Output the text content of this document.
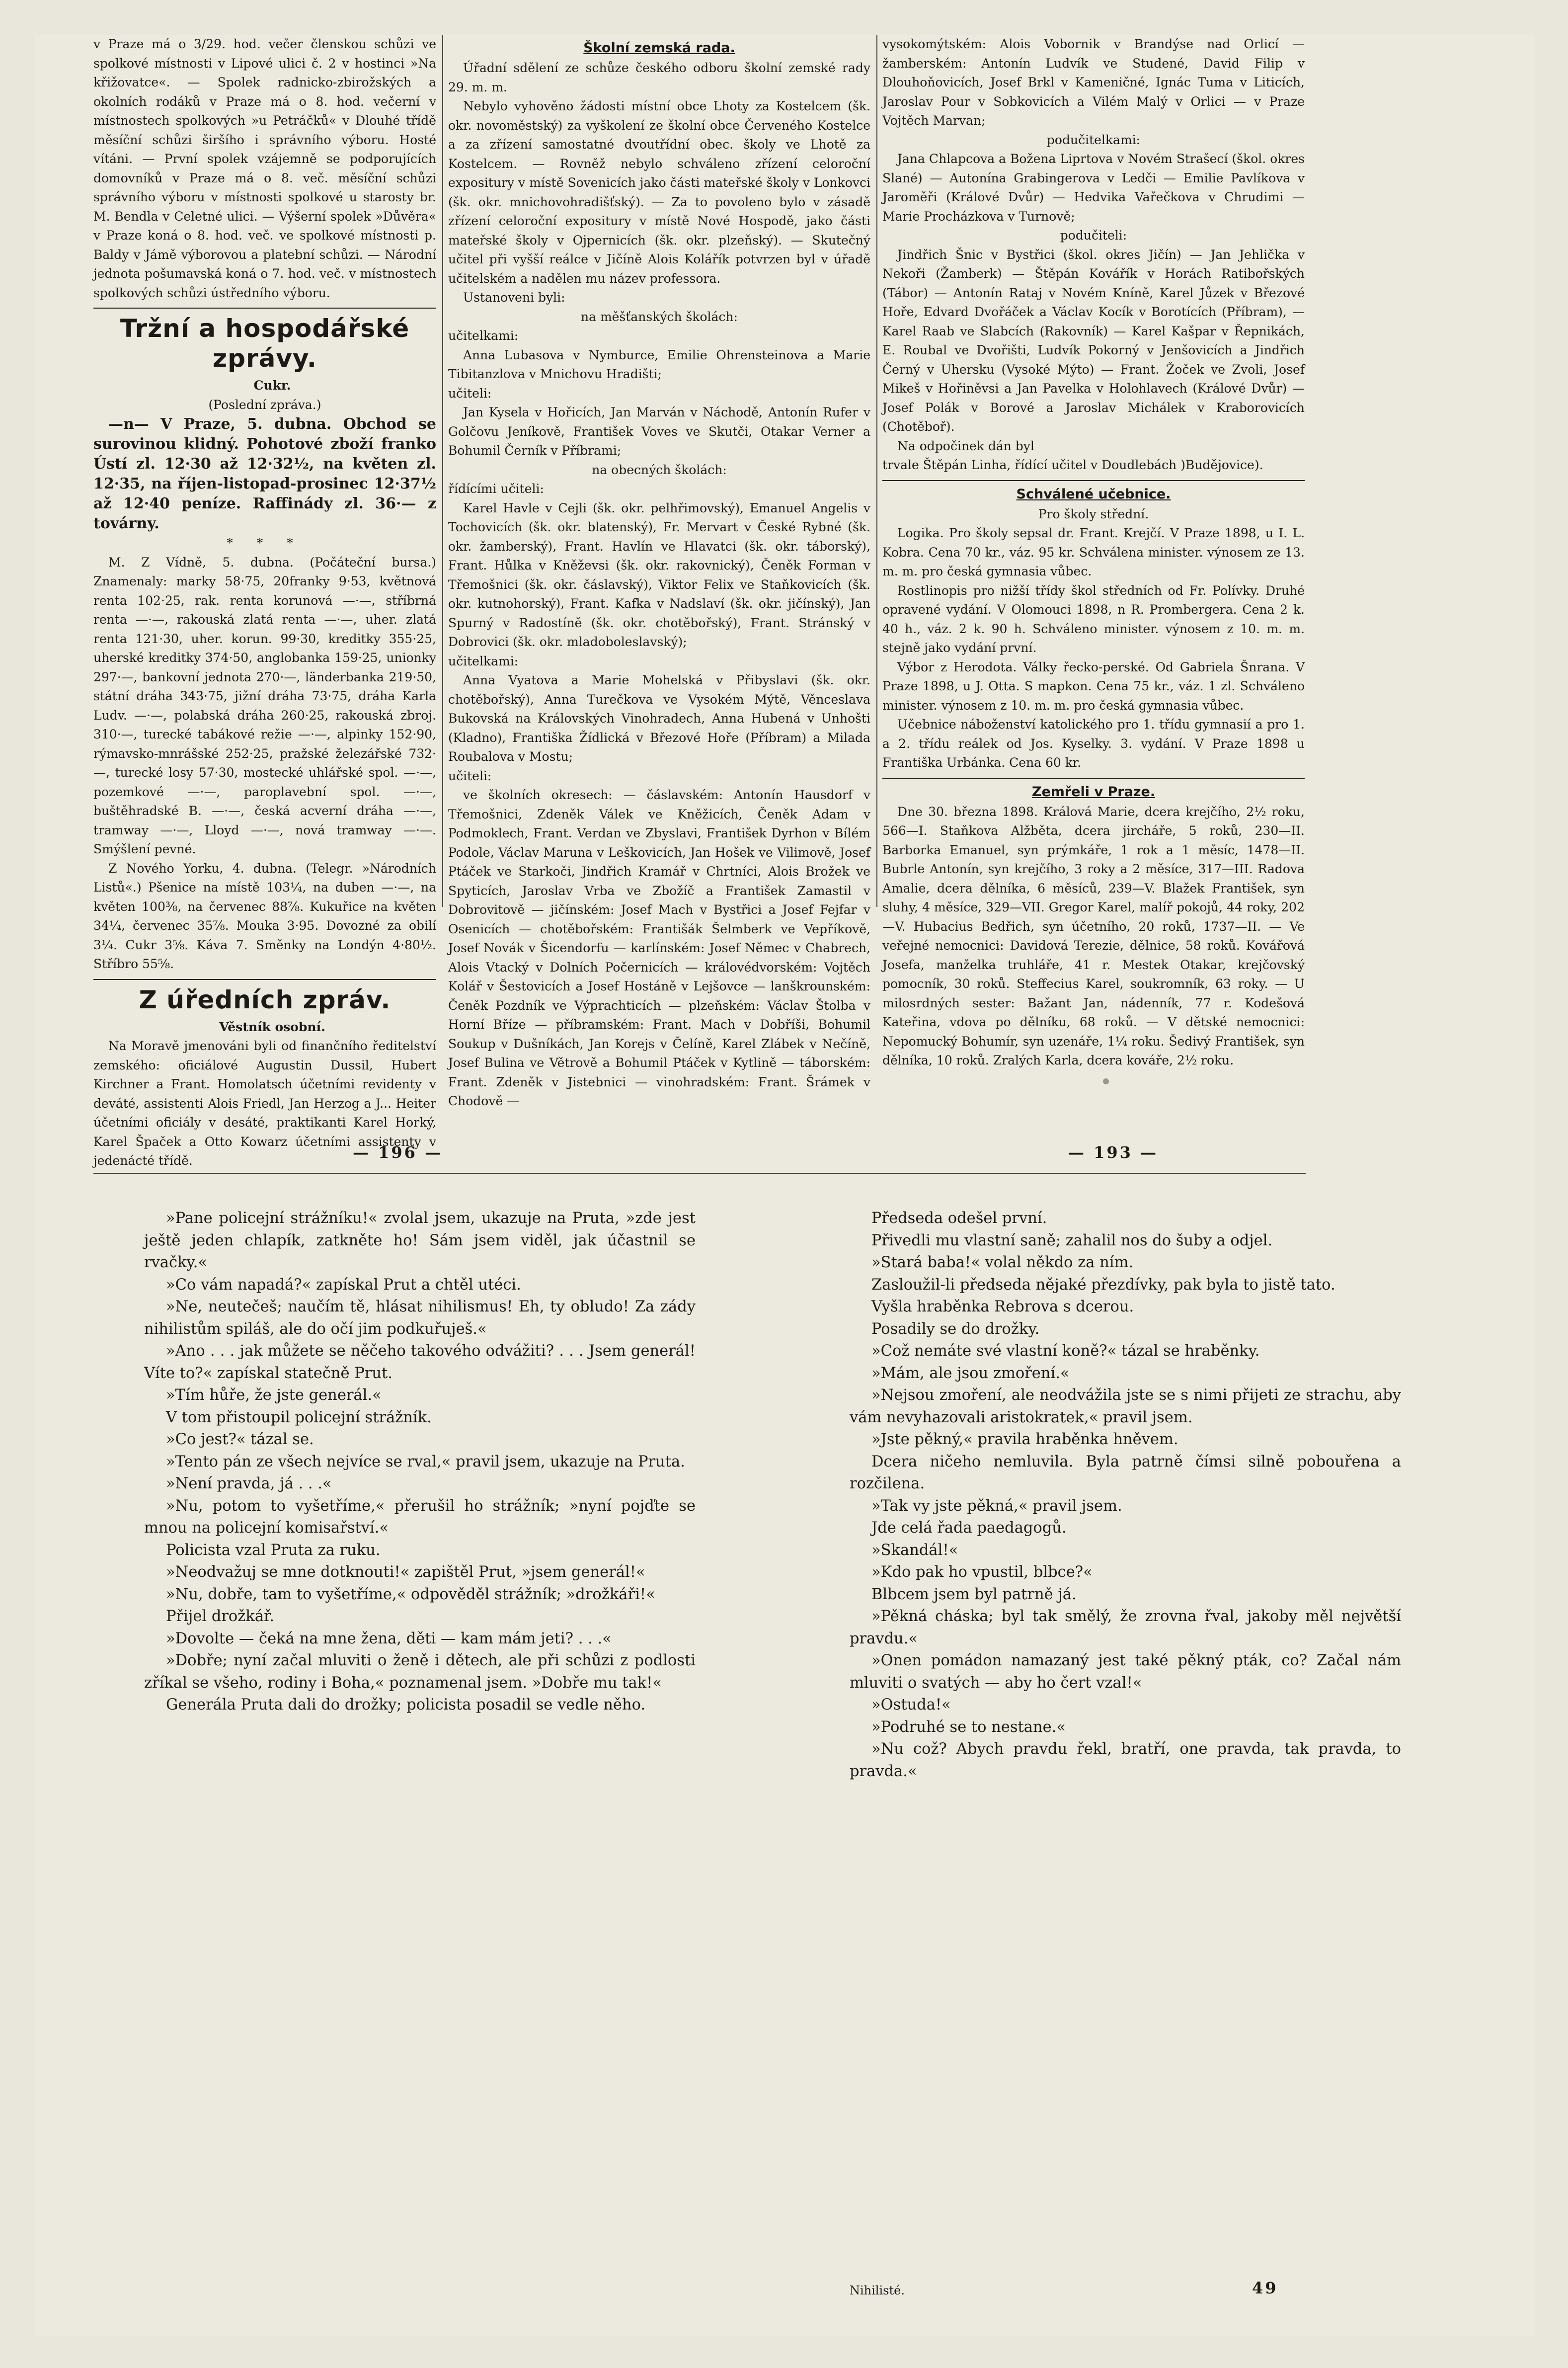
v Praze má o 3/29. hod. večer členskou schůzi ve spolkové místnosti v Lipové ulici č. 2 v hostinci »Na křižovatce«. — Spolek radnicko-zbirožských a okolních rodáků v Praze má o 8. hod. večerní v místnostech spolkových »u Petráčků« v Dlouhé třídě měsíční schůzi širšího i správního výboru. Hosté vítáni. — První spolek vzájemně se podporujících domovníků v Praze má o 8. več. měsíční schůzi správního výboru v místnosti spolkové u starosty br. M. Bendla v Celetné ulici. — Výšerní spolek »Důvěra« v Praze koná o 8. hod. več. ve spolkové místnosti p. Baldy v Jámě výborovou a platební schůzi. — Národní jednota pošumavská koná o 7. hod. več. v místnostech spolkových schůzi ústředního výboru.

Tržní a hospodářské zprávy.

Cukr.

(Poslední zpráva.)

—n— V Praze, 5. dubna. Obchod se surovinou klidný. Pohotové zboží franko Ústí zl. 12·30 až 12·32½, na květen zl. 12·35, na říjen-listopad-prosinec 12·37½ až 12·40 peníze. Raffinády zl. 36·— z továrny.

* * *

M. Z Vídně, 5. dubna. (Počáteční bursa.) Znamenaly: marky 58·75, 20franky 9·53, květnová renta 102·25, rak. renta korunová —·—, stříbrná renta —·—, rakouská zlatá renta —·—, uher. zlatá renta 121·30, uher. korun. 99·30, kreditky 355·25, uherské kreditky 374·50, anglobanka 159·25, unionky 297·—, bankovní jednota 270·—, länderbanka 219·50, státní dráha 343·75, jižní dráha 73·75, dráha Karla Ludv. —·—, polabská dráha 260·25, rakouská zbroj. 310·—, turecké tabákové režie —·—, alpinky 152·90, rýmavsko-mnrášské 252·25, pražské železářské 732·—, turecké losy 57·30, mostecké uhlářské spol. —·—, pozemkové —·—, paroplavební spol. —·—, buštěhradské B. —·—, česká acverní dráha —·—, tramway —·—, Lloyd —·—, nová tramway —·—. Smýšlení pevné.

Z Nového Yorku, 4. dubna. (Telegr. »Národních Listů«.) Pšenice na místě 103¼, na duben —·—, na květen 100⅜, na červenec 88⅞. Kukuřice na květen 34¼, červenec 35⅞. Mouka 3·95. Dovozné za obilí 3¼. Cukr 3⅝. Káva 7. Směnky na Londýn 4·80½. Stříbro 55⅝.

Z úředních zpráv.

Věstník osobní.

Na Moravě jmenováni byli od finančního ředitelství zemského: oficiálové Augustin Dussil, Hubert Kirchner a Frant. Homolatsch účetními revidenty v deváté, assistenti Alois Friedl, Jan Herzog a J... Heiter účetními oficiály v desáté, praktikanti Karel Horký, Karel Špaček a Otto Kowarz účetními assistenty v jedenácté třídě.

Školní zemská rada.

Úřadní sdělení ze schůze českého odboru školní zemské rady 29. m. m.

Nebylo vyhověno žádosti místní obce Lhoty za Kostelcem (šk. okr. novoměstský) za vyškolení ze školní obce Červeného Kostelce a za zřízení samostatné dvoutřídní obec. školy ve Lhotě za Kostelcem. — Rovněž nebylo schváleno zřízení celoroční expositury v místě Sovenicích jako části mateřské školy v Lonkovci (šk. okr. mnichovohradišťský). — Za to povoleno bylo v zásadě zřízení celoroční expositury v místě Nové Hospodě, jako části mateřské školy v Ojpernicích (šk. okr. plzeňský). — Skutečný učitel při vyšší reálce v Jičíně Alois Kolářík potvrzen byl v úřadě učitelském a nadělen mu název professora.

Ustanoveni byli:

na měšťanských školách:

učitelkami:

Anna Lubasova v Nymburce, Emilie Ohrensteinova a Marie Tibitanzlova v Mnichovu Hradišti;

učiteli:

Jan Kysela v Hořicích, Jan Marván v Náchodě, Antonín Rufer v Golčovu Jeníkově, František Voves ve Skutči, Otakar Verner a Bohumil Černík v Příbrami;

na obecných školách:

řídícími učiteli:

Karel Havle v Cejli (šk. okr. pelhřimovský), Emanuel Angelis v Tochovicích (šk. okr. blatenský), Fr. Mervart v České Rybné (šk. okr. žamberský), Frant. Havlín ve Hlavatci (šk. okr. táborský), Frant. Hůlka v Kněževsi (šk. okr. rakovnický), Čeněk Forman v Třemošnici (šk. okr. čáslavský), Viktor Felix ve Staňkovicích (šk. okr. kutnohorský), Frant. Kafka v Nadslaví (šk. okr. jičínský), Jan Spurný v Radostíně (šk. okr. chotěbořský), Frant. Stránský v Dobrovici (šk. okr. mladoboleslavský);

učitelkami:

Anna Vyatova a Marie Mohelská v Přibyslavi (šk. okr. chotěbořský), Anna Turečkova ve Vysokém Mýtě, Věnceslava Bukovská na Královských Vinohradech, Anna Hubená v Unhošti (Kladno), Františka Žídlická v Březové Hoře (Příbram) a Milada Roubalova v Mostu;

učiteli:

ve školních okresech: — čáslavském: Antonín Hausdorf v Třemošnici, Zdeněk Válek ve Kněžicích, Čeněk Adam v Podmoklech, Frant. Verdan ve Zbyslavi, František Dyrhon v Bílém Podole, Václav Maruna v Leškovicích, Jan Hošek ve Vilimově, Josef Ptáček ve Starkoči, Jindřich Kramář v Chrtníci, Alois Brožek ve Spyticích, Jaroslav Vrba ve Zbožíč a František Zamastil v Dobrovitově — jičínském: Josef Mach v Bystřici a Josef Fejfar v Osenicích — chotěbořském: Františák Šelmberk ve Vepříkově, Josef Novák v Šicendorfu — karlínském: Josef Němec v Chabrech, Alois Vtacký v Dolních Počernicích — královédvorském: Vojtěch Kolář v Šestovicích a Josef Hostáně v Lejšovce — lanškrounském: Čeněk Pozdník ve Výprachticích — plzeňském: Václav Štolba v Horní Bříze — příbramském: Frant. Mach v Dobříši, Bohumil Soukup v Dušníkách, Jan Korejs v Čelíně, Karel Zlábek v Nečíně, Josef Bulina ve Větrově a Bohumil Ptáček v Kytlině — táborském: Frant. Zdeněk v Jistebnici — vinohradském: Frant. Šrámek v Chodově —

vysokomýtském: Alois Vobornik v Brandýse nad Orlicí — žamberském: Antonín Ludvík ve Studené, David Filip v Dlouhoňovicích, Josef Brkl v Kameničné, Ignác Tuma v Liticích, Jaroslav Pour v Sobkovicích a Vilém Malý v Orlici — v Praze Vojtěch Marvan;

podučitelkami:

Jana Chlapcova a Božena Liprtova v Novém Strašecí (škol. okres Slané) — Autonína Grabingerova v Ledči — Emilie Pavlíkova v Jaroměři (Králové Dvůr) — Hedvika Vařečkova v Chrudimi — Marie Procházkova v Turnově;

podučiteli:

Jindřich Šnic v Bystřici (škol. okres Jičín) — Jan Jehlička v Nekoři (Žamberk) — Štěpán Kovářík v Horách Ratibořských (Tábor) — Antonín Rataj v Novém Kníně, Karel Jůzek v Březové Hoře, Edvard Dvořáček a Václav Kocík v Borotících (Příbram), — Karel Raab ve Slabcích (Rakovník) — Karel Kašpar v Řepnikách, E. Roubal ve Dvořišti, Ludvík Pokorný v Jenšovicích a Jindřich Černý v Uhersku (Vysoké Mýto) — Frant. Žoček ve Zvoli, Josef Mikeš v Hořiněvsi a Jan Pavelka v Holohlavech (Králové Dvůr) — Josef Polák v Borové a Jaroslav Michálek v Kraborovicích (Chotěboř).

Na odpočinek dán byl

trvale Štěpán Linha, řídící učitel v Doudlebách )Budějovice).

Schválené učebnice.

Pro školy střední.

Logika. Pro školy sepsal dr. Frant. Krejčí. V Praze 1898, u I. L. Kobra. Cena 70 kr., váz. 95 kr. Schválena minister. výnosem ze 13. m. m. pro česká gymnasia vůbec.

Rostlinopis pro nižší třídy škol středních od Fr. Polívky. Druhé opravené vydání. V Olomouci 1898, n R. Prombergera. Cena 2 k. 40 h., váz. 2 k. 90 h. Schváleno minister. výnosem z 10. m. m. stejně jako vydání první.

Výbor z Herodota. Války řecko-perské. Od Gabriela Šnrana. V Praze 1898, u J. Otta. S mapkon. Cena 75 kr., váz. 1 zl. Schváleno minister. výnosem z 10. m. m. pro česká gymnasia vůbec.

Učebnice náboženství katolického pro 1. třídu gymnasií a pro 1. a 2. třídu reálek od Jos. Kyselky. 3. vydání. V Praze 1898 u Františka Urbánka. Cena 60 kr.

Zemřeli v Praze.

Dne 30. března 1898. Králová Marie, dcera krejčího, 2½ roku, 566—I. Staňkova Alžběta, dcera jirchářе, 5 roků, 230—II. Barborka Emanuel, syn prýmkáře, 1 rok a 1 měsíc, 1478—II. Bubrle Antonín, syn krejčího, 3 roky a 2 měsíce, 317—III. Radova Amalie, dcera dělníka, 6 měsíců, 239—V. Blažek František, syn sluhy, 4 měsíce, 329—VII. Gregor Karel, malíř pokojů, 44 roky, 202—V. Hubacius Bedřich, syn účetního, 20 roků, 1737—II. — Ve veřejné nemocnici: Davidová Terezie, dělnice, 58 roků. Kovářová Josefa, manželka truhláře, 41 r. Mestek Otakar, krejčovský pomocník, 30 roků. Steffecius Karel, soukromník, 63 roky. — U milosrdných sester: Bažant Jan, nádenník, 77 r. Kodešová Kateřina, vdova po dělníku, 68 roků. — V dětské nemocnici: Nepomucký Bohumír, syn uzenáře, 1¼ roku. Šedivý František, syn dělníka, 10 roků. Zralých Karla, dcera kováře, 2½ roku.

— 196 —	— 193 —

»Pane policejní strážníku!« zvolal jsem, ukazuje na Pruta, »zde jest ještě jeden chlapík, zatkněte ho! Sám jsem viděl, jak účastnil se rvačky.«

»Co vám napadá?« zapískal Prut a chtěl utéci.

»Ne, neutečeš; naučím tě, hlásat nihilismus! Eh, ty obludo! Za zády nihilistům spiláš, ale do očí jim podkuřuješ.«

»Ano . . . jak můžete se něčeho takového odvážiti? . . . Jsem generál! Víte to?« zapískal statečně Prut.

»Tím hůře, že jste generál.«

V tom přistoupil policejní strážník.

»Co jest?« tázal se.

»Tento pán ze všech nejvíce se rval,« pravil jsem, ukazuje na Pruta.

»Není pravda, já . . .«

»Nu, potom to vyšetříme,« přerušil ho strážník; »nyní pojďte se mnou na policejní komisařství.«

Policista vzal Pruta za ruku.

»Neodvažuj se mne dotknouti!« zapištěl Prut, »jsem generál!«

»Nu, dobře, tam to vyšetříme,« odpověděl strážník; »drožkáři!«

Přijel drožkář.

»Dovolte — čeká na mne žena, děti — kam mám jeti? . . .«

»Dobře; nyní začal mluviti o ženě i dětech, ale při schůzi z podlosti zříkal se všeho, rodiny i Boha,« poznamenal jsem. »Dobře mu tak!«

Generála Pruta dali do drožky; policista posadil se vedle něho.

Předseda odešel první.

Přivedli mu vlastní saně; zahalil nos do šuby a odjel.

»Stará baba!« volal někdo za ním.

Zasloužil-li předseda nějaké přezdívky, pak byla to jistě tato.

Vyšla hraběnka Rebrova s dcerou.

Posadily se do drožky.

»Což nemáte své vlastní koně?« tázal se hraběnky.

»Mám, ale jsou zmoření.«

»Nejsou zmoření, ale neodvážila jste se s nimi přijeti ze strachu, aby vám nevyhazovali aristokratek,« pravil jsem.

»Jste pěkný,« pravila hraběnka hněvem.

Dcera ničeho nemluvila. Byla patrně čímsi silně pobouřena a rozčilena.

»Tak vy jste pěkná,« pravil jsem.

Jde celá řada paedagogů.

»Skandál!«

»Kdo pak ho vpustil, blbce?«

Blbcem jsem byl patrně já.

»Pěkná cháska; byl tak smělý, že zrovna řval, jakoby měl největší pravdu.«

»Onen pomádon namazaný jest také pěkný pták, co? Začal nám mluviti o svatých — aby ho čert vzal!«

»Ostuda!«

»Podruhé se to nestane.«

»Nu což? Abych pravdu řekl, bratří, one pravda, tak pravda, to pravda.«

Nihilisté.	49
